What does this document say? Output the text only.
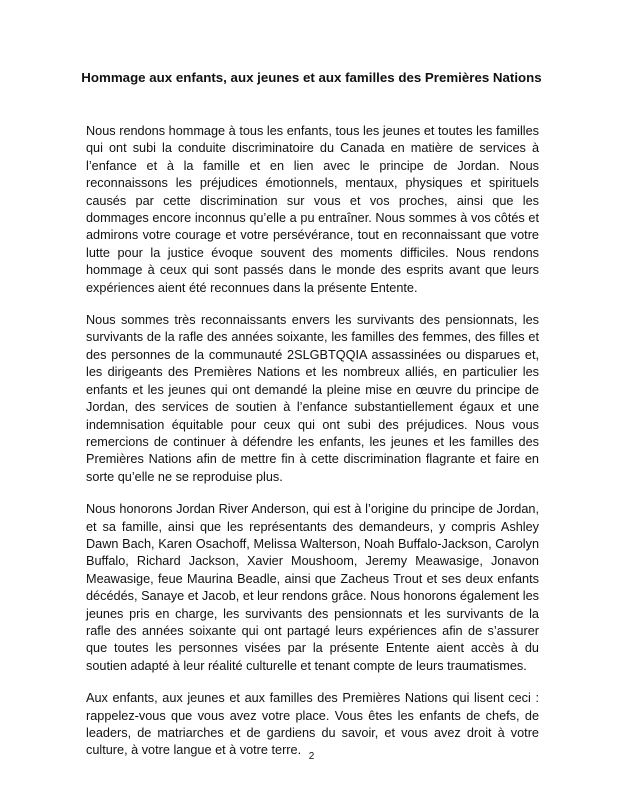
Hommage aux enfants, aux jeunes et aux familles des Premières Nations

Nous rendons hommage à tous les enfants, tous les jeunes et toutes les familles qui ont subi la conduite discriminatoire du Canada en matière de services à l’enfance et à la famille et en lien avec le principe de Jordan. Nous reconnaissons les préjudices émotionnels, mentaux, physiques et spirituels causés par cette discrimination sur vous et vos proches, ainsi que les dommages encore inconnus qu’elle a pu entraîner. Nous sommes à vos côtés et admirons votre courage et votre persévérance, tout en reconnaissant que votre lutte pour la justice évoque souvent des moments difficiles. Nous rendons hommage à ceux qui sont passés dans le monde des esprits avant que leurs expériences aient été reconnues dans la présente Entente.

Nous sommes très reconnaissants envers les survivants des pensionnats, les survivants de la rafle des années soixante, les familles des femmes, des filles et des personnes de la communauté 2SLGBTQQIA assassinées ou disparues et, les dirigeants des Premières Nations et les nombreux alliés, en particulier les enfants et les jeunes qui ont demandé la pleine mise en œuvre du principe de Jordan, des services de soutien à l’enfance substantiellement égaux et une indemnisation équitable pour ceux qui ont subi des préjudices. Nous vous remercions de continuer à défendre les enfants, les jeunes et les familles des Premières Nations afin de mettre fin à cette discrimination flagrante et faire en sorte qu’elle ne se reproduise plus.

Nous honorons Jordan River Anderson, qui est à l’origine du principe de Jordan, et sa famille, ainsi que les représentants des demandeurs, y compris Ashley Dawn Bach, Karen Osachoff, Melissa Walterson, Noah Buffalo-Jackson, Carolyn Buffalo, Richard Jackson, Xavier Moushoom, Jeremy Meawasige, Jonavon Meawasige, feue Maurina Beadle, ainsi que Zacheus Trout et ses deux enfants décédés, Sanaye et Jacob, et leur rendons grâce. Nous honorons également les jeunes pris en charge, les survivants des pensionnats et les survivants de la rafle des années soixante qui ont partagé leurs expériences afin de s’assurer que toutes les personnes visées par la présente Entente aient accès à du soutien adapté à leur réalité culturelle et tenant compte de leurs traumatismes.

Aux enfants, aux jeunes et aux familles des Premières Nations qui lisent ceci : rappelez-vous que vous avez votre place. Vous êtes les enfants de chefs, de leaders, de matriarches et de gardiens du savoir, et vous avez droit à votre culture, à votre langue et à votre terre. 2
